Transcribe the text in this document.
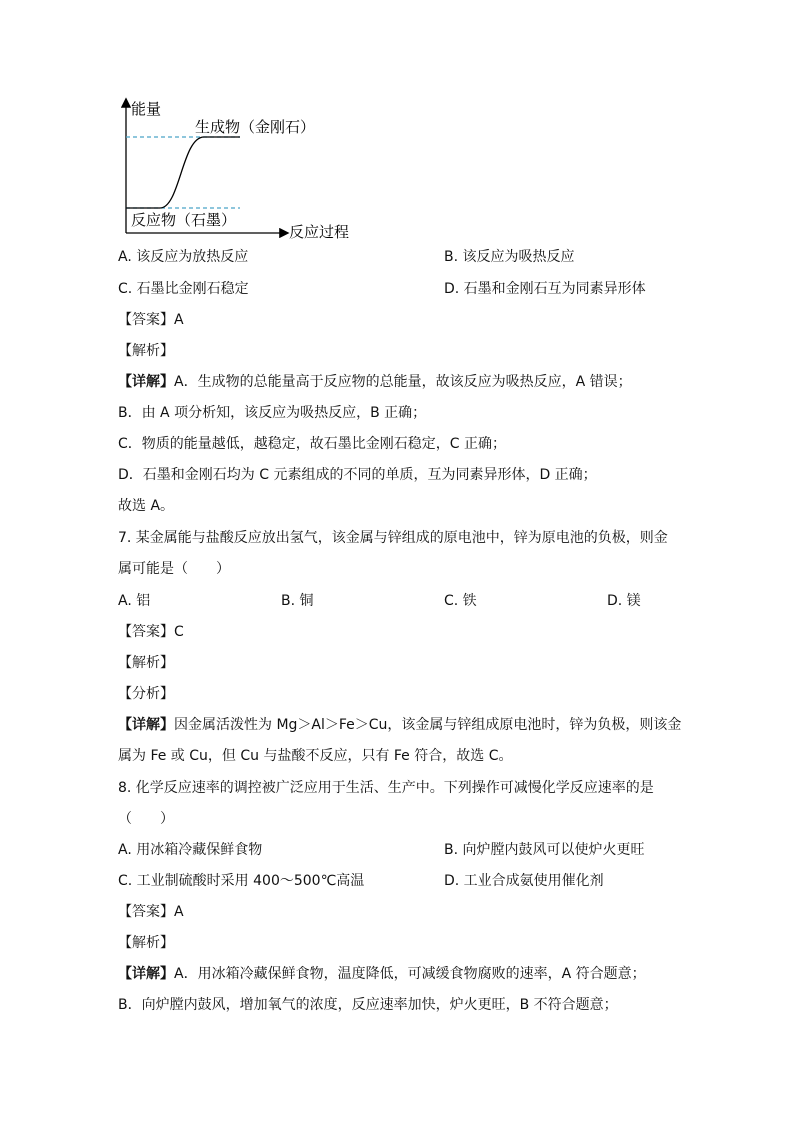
能量
反应过程
生成物（金刚石）
反应物（石墨）
A. 该反应为放热反应	B. 该反应为吸热反应
C. 石墨比金刚石稳定	D. 石墨和金刚石互为同素异形体
【答案】A
【解析】
【详解】A．生成物的总能量高于反应物的总能量，故该反应为吸热反应，A 错误；
B．由 A 项分析知，该反应为吸热反应，B 正确；
C．物质的能量越低，越稳定，故石墨比金刚石稳定，C 正确；
D．石墨和金刚石均为 C 元素组成的不同的单质，互为同素异形体，D 正确；
故选 A。
7. 某金属能与盐酸反应放出氢气，该金属与锌组成的原电池中，锌为原电池的负极，则金
属可能是（　　）
A. 铝	B. 铜	C. 铁	D. 镁
【答案】C
【解析】
【分析】
【详解】因金属活泼性为 Mg＞Al＞Fe＞Cu，该金属与锌组成原电池时，锌为负极，则该金
属为 Fe 或 Cu，但 Cu 与盐酸不反应，只有 Fe 符合，故选 C。
8. 化学反应速率的调控被广泛应用于生活、生产中。下列操作可减慢化学反应速率的是
（　　）
A. 用冰箱冷藏保鲜食物	B. 向炉膛内鼓风可以使炉火更旺
C. 工业制硫酸时采用 400～500℃高温	D. 工业合成氨使用催化剂
【答案】A
【解析】
【详解】A．用冰箱冷藏保鲜食物，温度降低，可减缓食物腐败的速率，A 符合题意；
B．向炉膛内鼓风，增加氧气的浓度，反应速率加快，炉火更旺，B 不符合题意；
